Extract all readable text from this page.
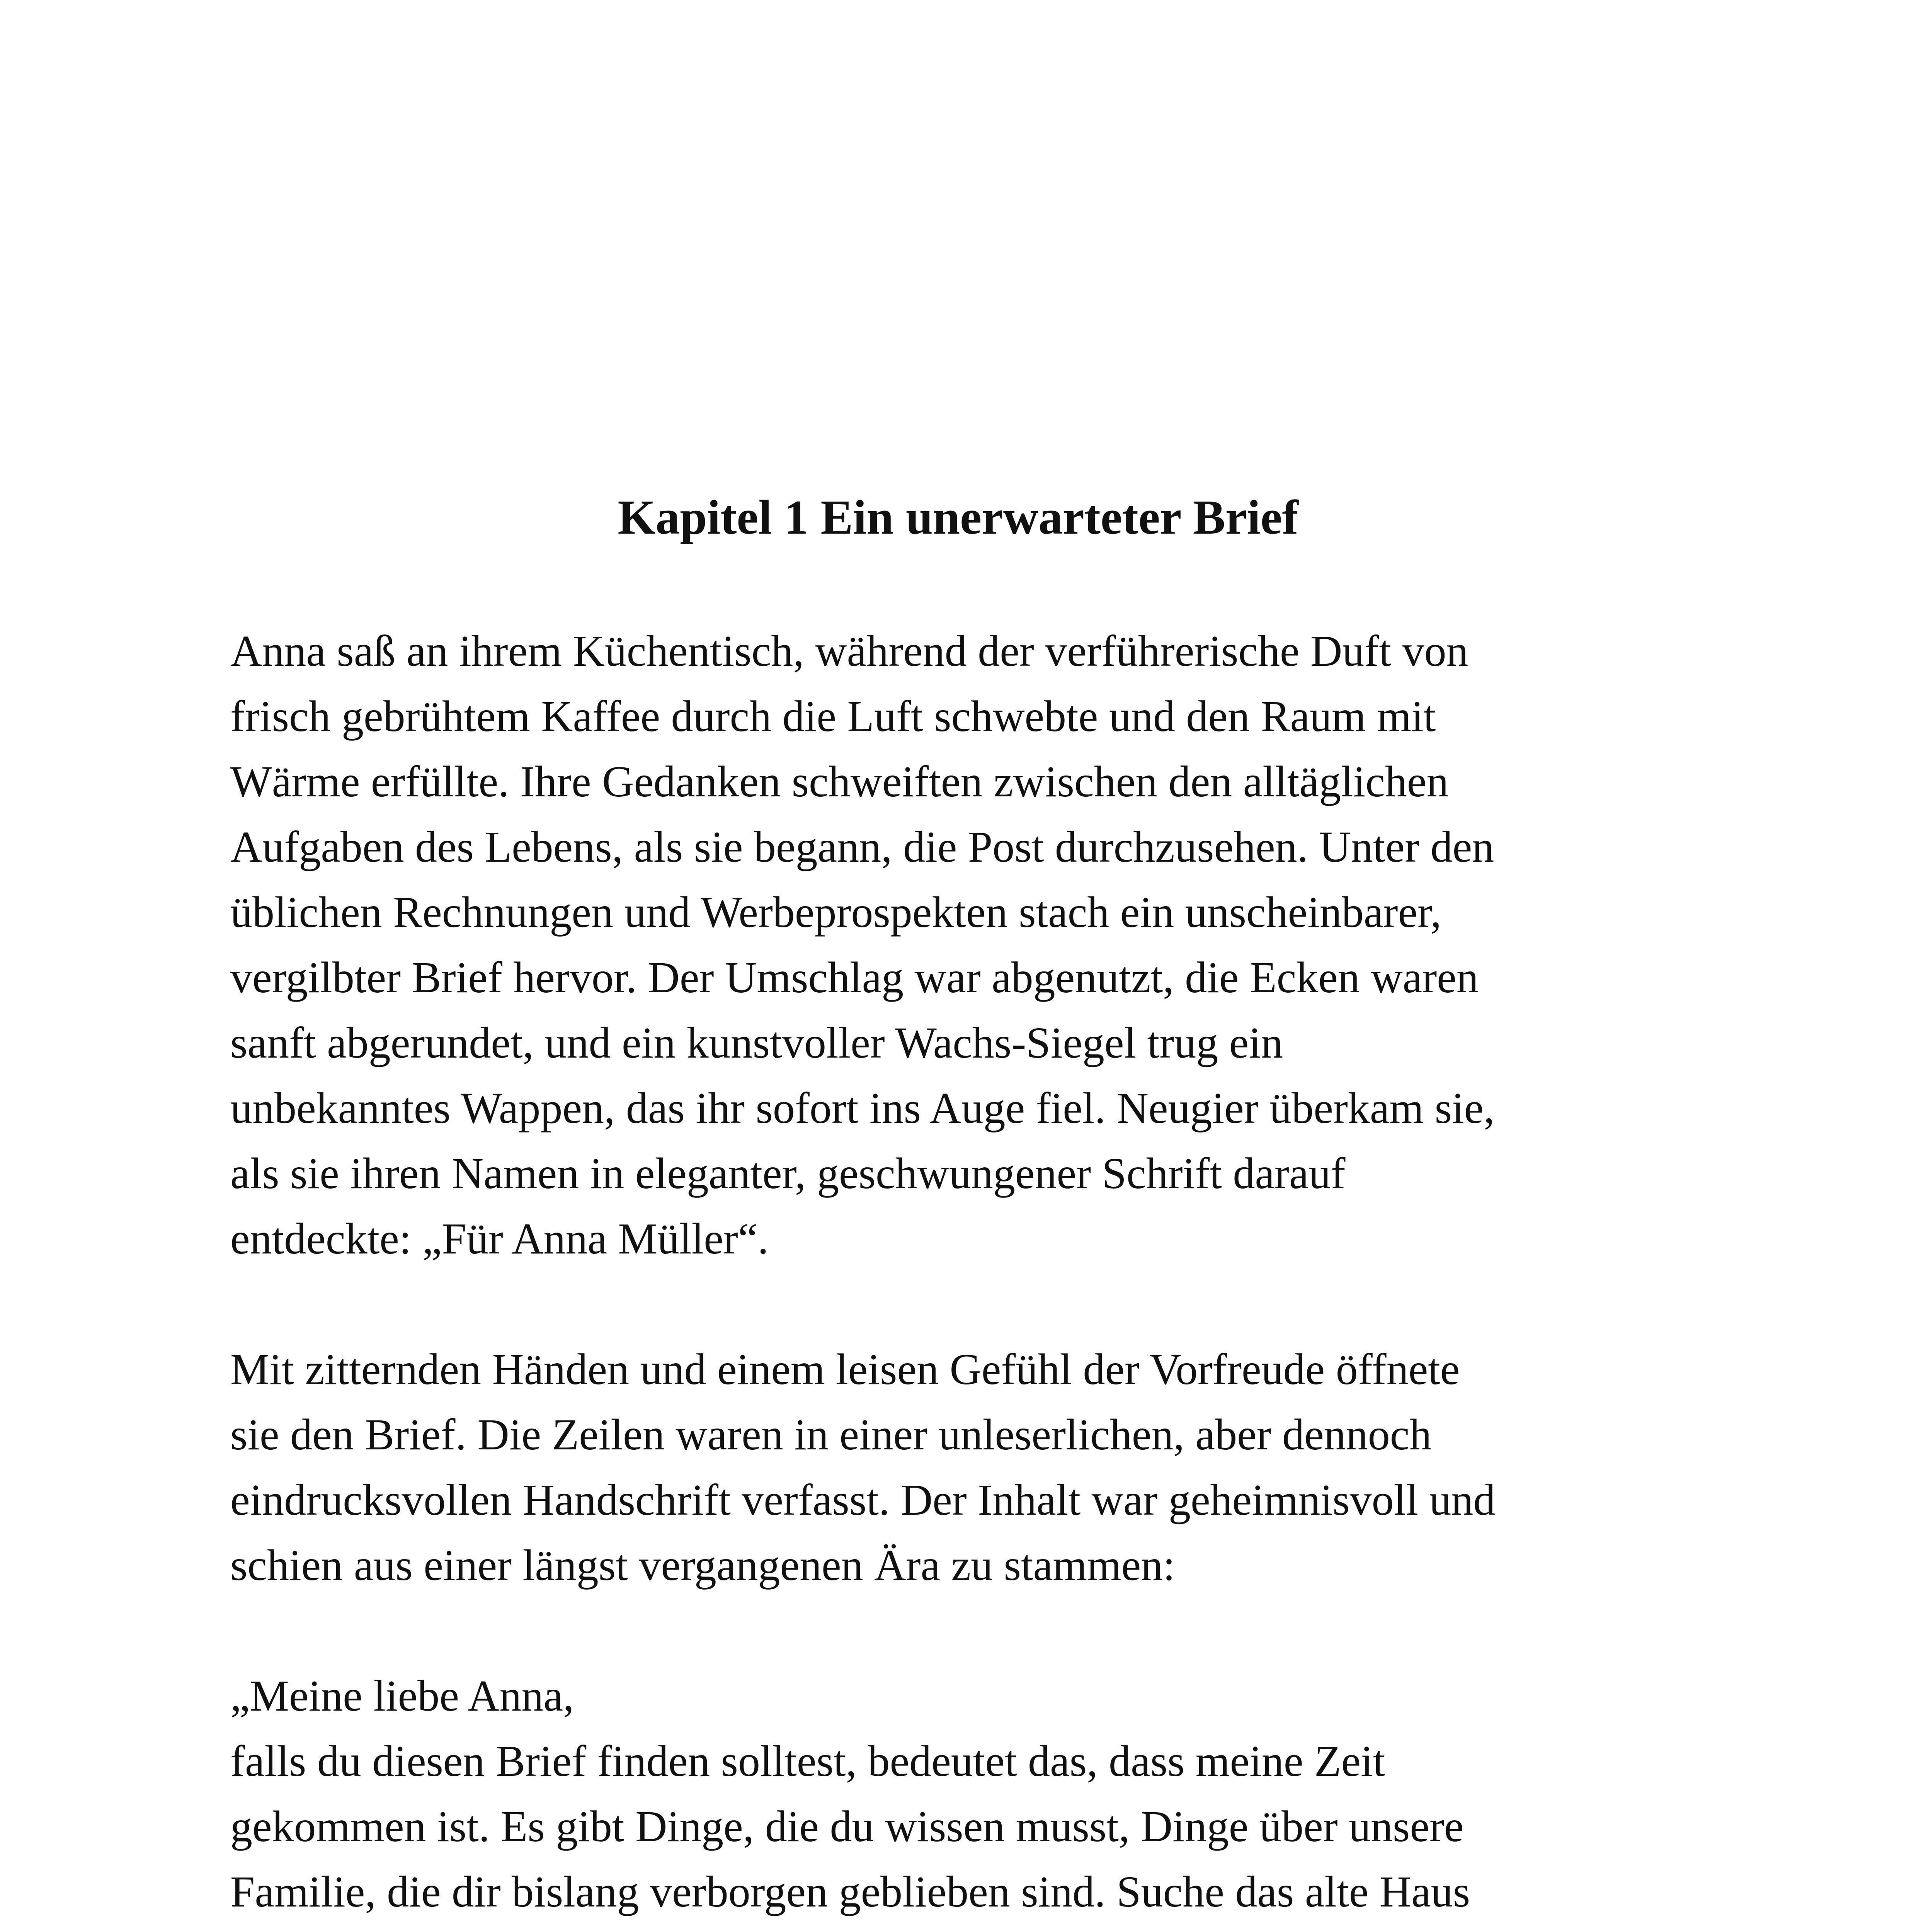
Kapitel 1 Ein unerwarteter Brief
Anna saß an ihrem Küchentisch, während der verführerische Duft von
frisch gebrühtem Kaffee durch die Luft schwebte und den Raum mit
Wärme erfüllte. Ihre Gedanken schweiften zwischen den alltäglichen
Aufgaben des Lebens, als sie begann, die Post durchzusehen. Unter den
üblichen Rechnungen und Werbeprospekten stach ein unscheinbarer,
vergilbter Brief hervor. Der Umschlag war abgenutzt, die Ecken waren
sanft abgerundet, und ein kunstvoller Wachs-Siegel trug ein
unbekanntes Wappen, das ihr sofort ins Auge fiel. Neugier überkam sie,
als sie ihren Namen in eleganter, geschwungener Schrift darauf
entdeckte: „Für Anna Müller“.
Mit zitternden Händen und einem leisen Gefühl der Vorfreude öffnete
sie den Brief. Die Zeilen waren in einer unleserlichen, aber dennoch
eindrucksvollen Handschrift verfasst. Der Inhalt war geheimnisvoll und
schien aus einer längst vergangenen Ära zu stammen:
„Meine liebe Anna,
falls du diesen Brief finden solltest, bedeutet das, dass meine Zeit
gekommen ist. Es gibt Dinge, die du wissen musst, Dinge über unsere
Familie, die dir bislang verborgen geblieben sind. Suche das alte Haus
